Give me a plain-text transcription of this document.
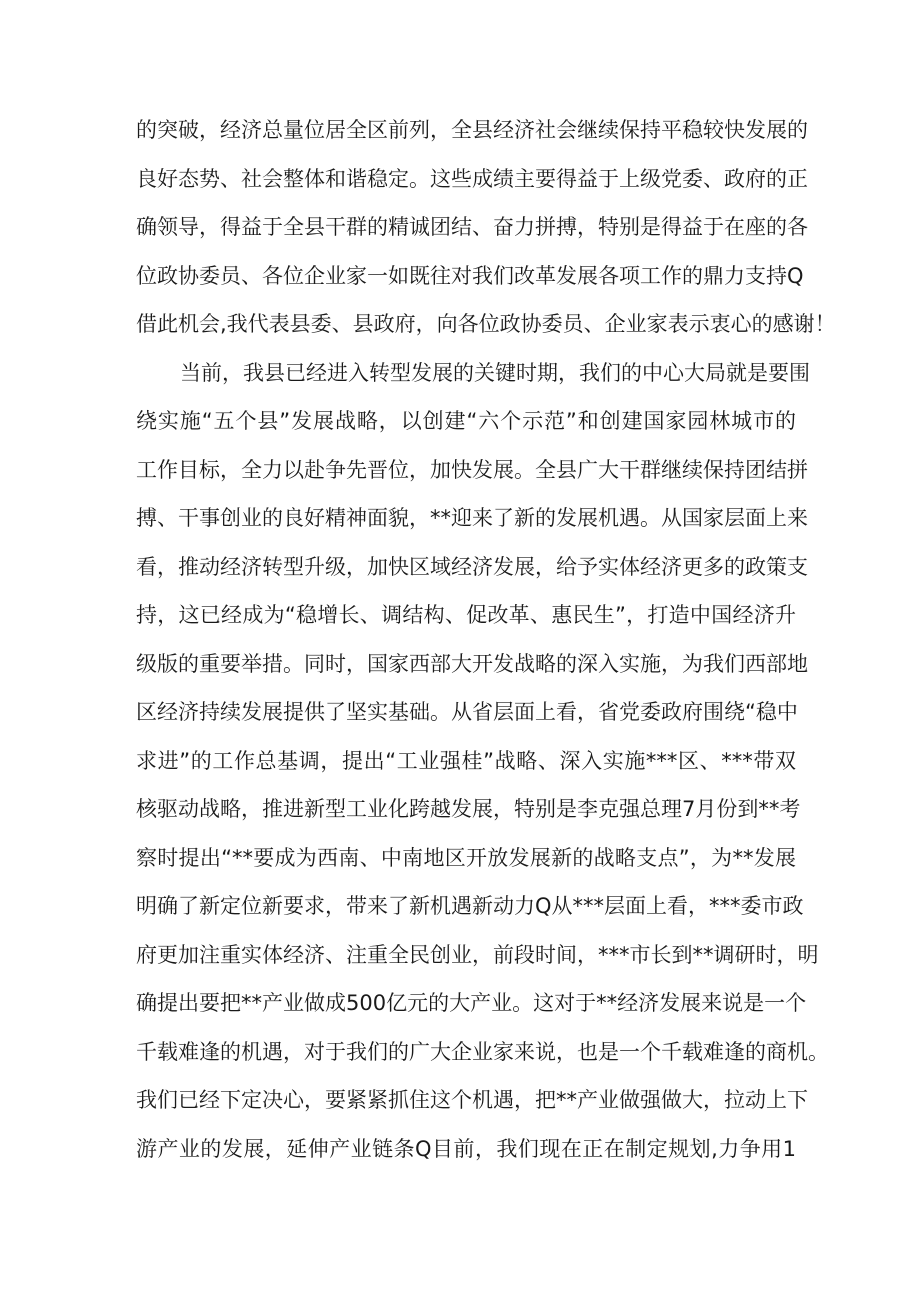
的突破，经济总量位居全区前列，全县经济社会继续保持平稳较快发展的
良好态势、社会整体和谐稳定。这些成绩主要得益于上级党委、政府的正
确领导，得益于全县干群的精诚团结、奋力拼搏，特别是得益于在座的各
位政协委员、各位企业家一如既往对我们改革发展各项工作的鼎力支持Q
借此机会,我代表县委、县政府，向各位政协委员、企业家表示衷心的感谢！
当前，我县已经进入转型发展的关键时期，我们的中心大局就是要围
绕实施“五个县”发展战略，以创建“六个示范”和创建国家园林城市的
工作目标，全力以赴争先晋位，加快发展。全县广大干群继续保持团结拼
搏、干事创业的良好精神面貌，**迎来了新的发展机遇。从国家层面上来
看，推动经济转型升级，加快区域经济发展，给予实体经济更多的政策支
持，这已经成为“稳增长、调结构、促改革、惠民生”，打造中国经济升
级版的重要举措。同时，国家西部大开发战略的深入实施，为我们西部地
区经济持续发展提供了坚实基础。从省层面上看，省党委政府围绕“稳中
求进”的工作总基调，提出“工业强桂”战略、深入实施***区、***带双
核驱动战略，推进新型工业化跨越发展，特别是李克强总理7月份到**考
察时提出“**要成为西南、中南地区开放发展新的战略支点”，为**发展
明确了新定位新要求，带来了新机遇新动力Q从***层面上看，***委市政
府更加注重实体经济、注重全民创业，前段时间，***市长到**调研时，明
确提出要把**产业做成500亿元的大产业。这对于**经济发展来说是一个
千载难逢的机遇，对于我们的广大企业家来说，也是一个千载难逢的商机。
我们已经下定决心，要紧紧抓住这个机遇，把**产业做强做大，拉动上下
游产业的发展，延伸产业链条Q目前，我们现在正在制定规划,力争用1
